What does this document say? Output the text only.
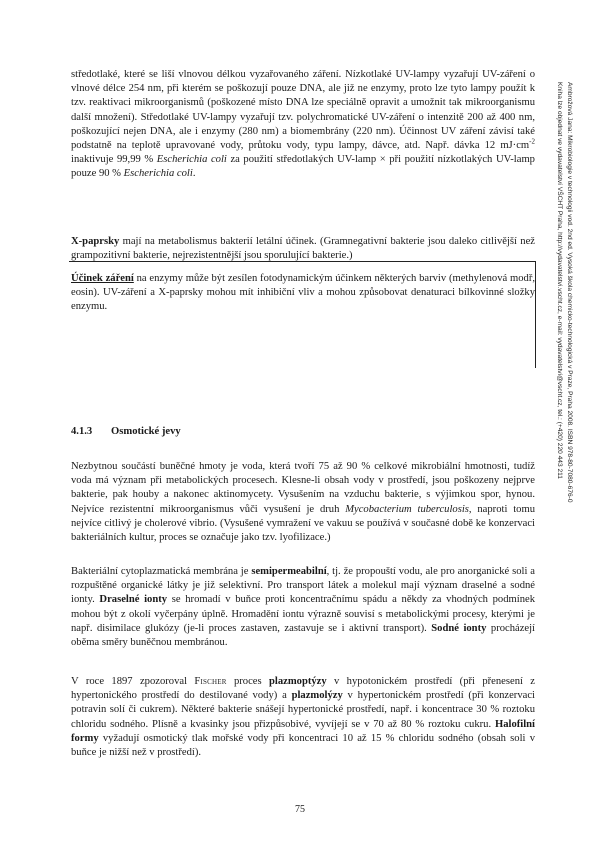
středotlaké, které se liší vlnovou délkou vyzařovaného záření. Nízkotlaké UV-lampy vyzařují UV-záření o vlnové délce 254 nm, při kterém se poškozují pouze DNA, ale již ne enzymy, proto lze tyto lampy použít k tzv. reaktivaci mikroorganismů (poškozené místo DNA lze speciálně opravit a umožnit tak mikroorganismu další množení). Středotlaké UV-lampy vyzařují tzv. polychromatické UV-záření o intenzitě 200 až 400 nm, poškozující nejen DNA, ale i enzymy (280 nm) a biomembrány (220 nm). Účinnost UV záření závisí také podstatně na teplotě upravované vody, průtoku vody, typu lampy, dávce, atd. Např. dávka 12 $mJ\cdot cm^{-2}$ inaktivuje 99,99 % Escherichia coli za použití středotlakých UV-lamp × při použití nízkotlakých UV-lamp pouze 90 % Escherichia coli.

X-paprsky mají na metabolismus bakterií letální účinek. (Gramnegativní bakterie jsou daleko citlivější než grampozitivní bakterie, nejrezistentnější jsou sporulující bakterie.)

Účinek záření na enzymy může být zesílen fotodynamickým účinkem některých barviv (methylenová modř, eosin). UV-záření a X-paprsky mohou mít inhibiční vliv a mohou způsobovat denaturaci bílkovinné složky enzymu.

4.1.3 Osmotické jevy

Nezbytnou součástí buněčné hmoty je voda, která tvoří 75 až 90 % celkové mikrobiální hmotnosti, tudíž voda má význam při metabolických procesech. Klesne-li obsah vody v prostředí, jsou poškozeny nejprve bakterie, pak houby a nakonec aktinomycety. Vysušením na vzduchu bakterie, s výjimkou spor, hynou. Nejvíce rezistentní mikroorganismus vůči vysušení je druh Mycobacterium tuberculosis, naproti tomu nejvíce citlivý je cholerové vibrio. (Vysušené vymražení ve vakuu se používá v současné době ke konzervaci bakteriálních kultur, proces se označuje jako tzv. lyofilizace.)

Bakteriální cytoplazmatická membrána je semipermeabilní, tj. že propouští vodu, ale pro anorganické soli a rozpuštěné organické látky je již selektivní. Pro transport látek a molekul mají význam draselné a sodné ionty. Draselné ionty se hromadí v buňce proti koncentračnímu spádu a někdy za vhodných podmínek mohou být z okolí vyčerpány úplně. Hromadění iontu výrazně souvisí s metabolickými procesy, kterými je např. disimilace glukózy (je-li proces zastaven, zastavuje se i aktivní transport). Sodné ionty procházejí oběma směry buněčnou membránou.

V roce 1897 zpozoroval Fischer proces plazmoptýzy v hypotonickém prostředí (při přenesení z hypertonického prostředí do destilované vody) a plazmolýzy v hypertonickém prostředí (při konzervaci potravin solí či cukrem). Některé bakterie snášejí hypertonické prostředí, např. i koncentrace 30 % roztoku chloridu sodného. Plísně a kvasinky jsou přizpůsobivé, vyvíjejí se v 70 až 80 % roztoku cukru. Halofilní formy vyžadují osmotický tlak mořské vody při koncentraci 10 až 15 % chloridu sodného (obsah soli v buňce je nižší než v prostředí).

75
Ambrožová Jana: Mikrobiologie v technologii vod. 2nd ed. Vysoká škola chemicko-technologická v Praze, Praha 2008. ISBN 978-80-7080-676-0
Kniha lze objednat ve vydavatelství VŠCHT Praha, http://vydavatelstvi.vscht.cz, e-mail: vydavatelstvi@vscht.cz, tel.: (+420) 220 443 211
